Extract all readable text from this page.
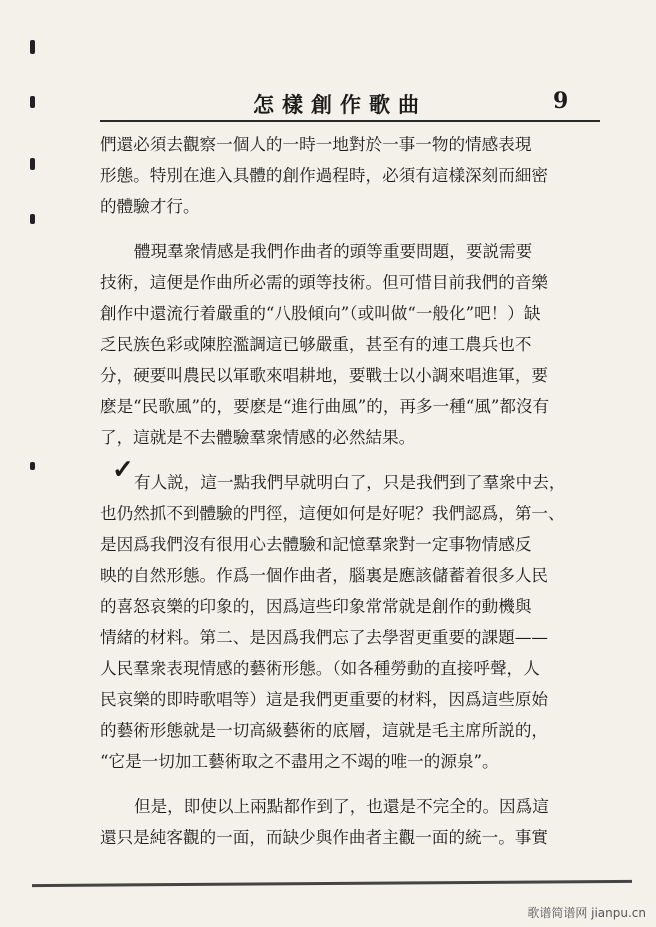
怎樣創作歌曲	9
✓
們還必須去觀察一個人的一時一地對於一事一物的情感表現
形態。特別在進入具體的創作過程時，必須有這樣深刻而細密
的體驗才行。
體現羣衆情感是我們作曲者的頭等重要問題，要説需要
技術，這便是作曲所必需的頭等技術。但可惜目前我們的音樂
創作中還流行着嚴重的“八股傾向”（或叫做“一般化”吧！）缺
乏民族色彩或陳腔濫調這已够嚴重，甚至有的連工農兵也不
分，硬要叫農民以軍歌來唱耕地，要戰士以小調來唱進軍，要
麽是“民歌風”的，要麽是“進行曲風”的，再多一種“風”都沒有
了，這就是不去體驗羣衆情感的必然結果。
有人説，這一點我們早就明白了，只是我們到了羣衆中去，
也仍然抓不到體驗的門徑，這便如何是好呢？我們認爲，第一、
是因爲我們沒有很用心去體驗和記憶羣衆對一定事物情感反
映的自然形態。作爲一個作曲者，腦裏是應該儲蓄着很多人民
的喜怒哀樂的印象的，因爲這些印象常常就是創作的動機與
情緒的材料。第二、是因爲我們忘了去學習更重要的課題——
人民羣衆表現情感的藝術形態。（如各種勞動的直接呼聲，人
民哀樂的即時歌唱等）這是我們更重要的材料，因爲這些原始
的藝術形態就是一切高級藝術的底層，這就是毛主席所説的，
“它是一切加工藝術取之不盡用之不竭的唯一的源泉”。
但是，即使以上兩點都作到了，也還是不完全的。因爲這
還只是純客觀的一面，而缺少與作曲者主觀一面的統一。事實
歌谱简谱网 jianpu.cn
